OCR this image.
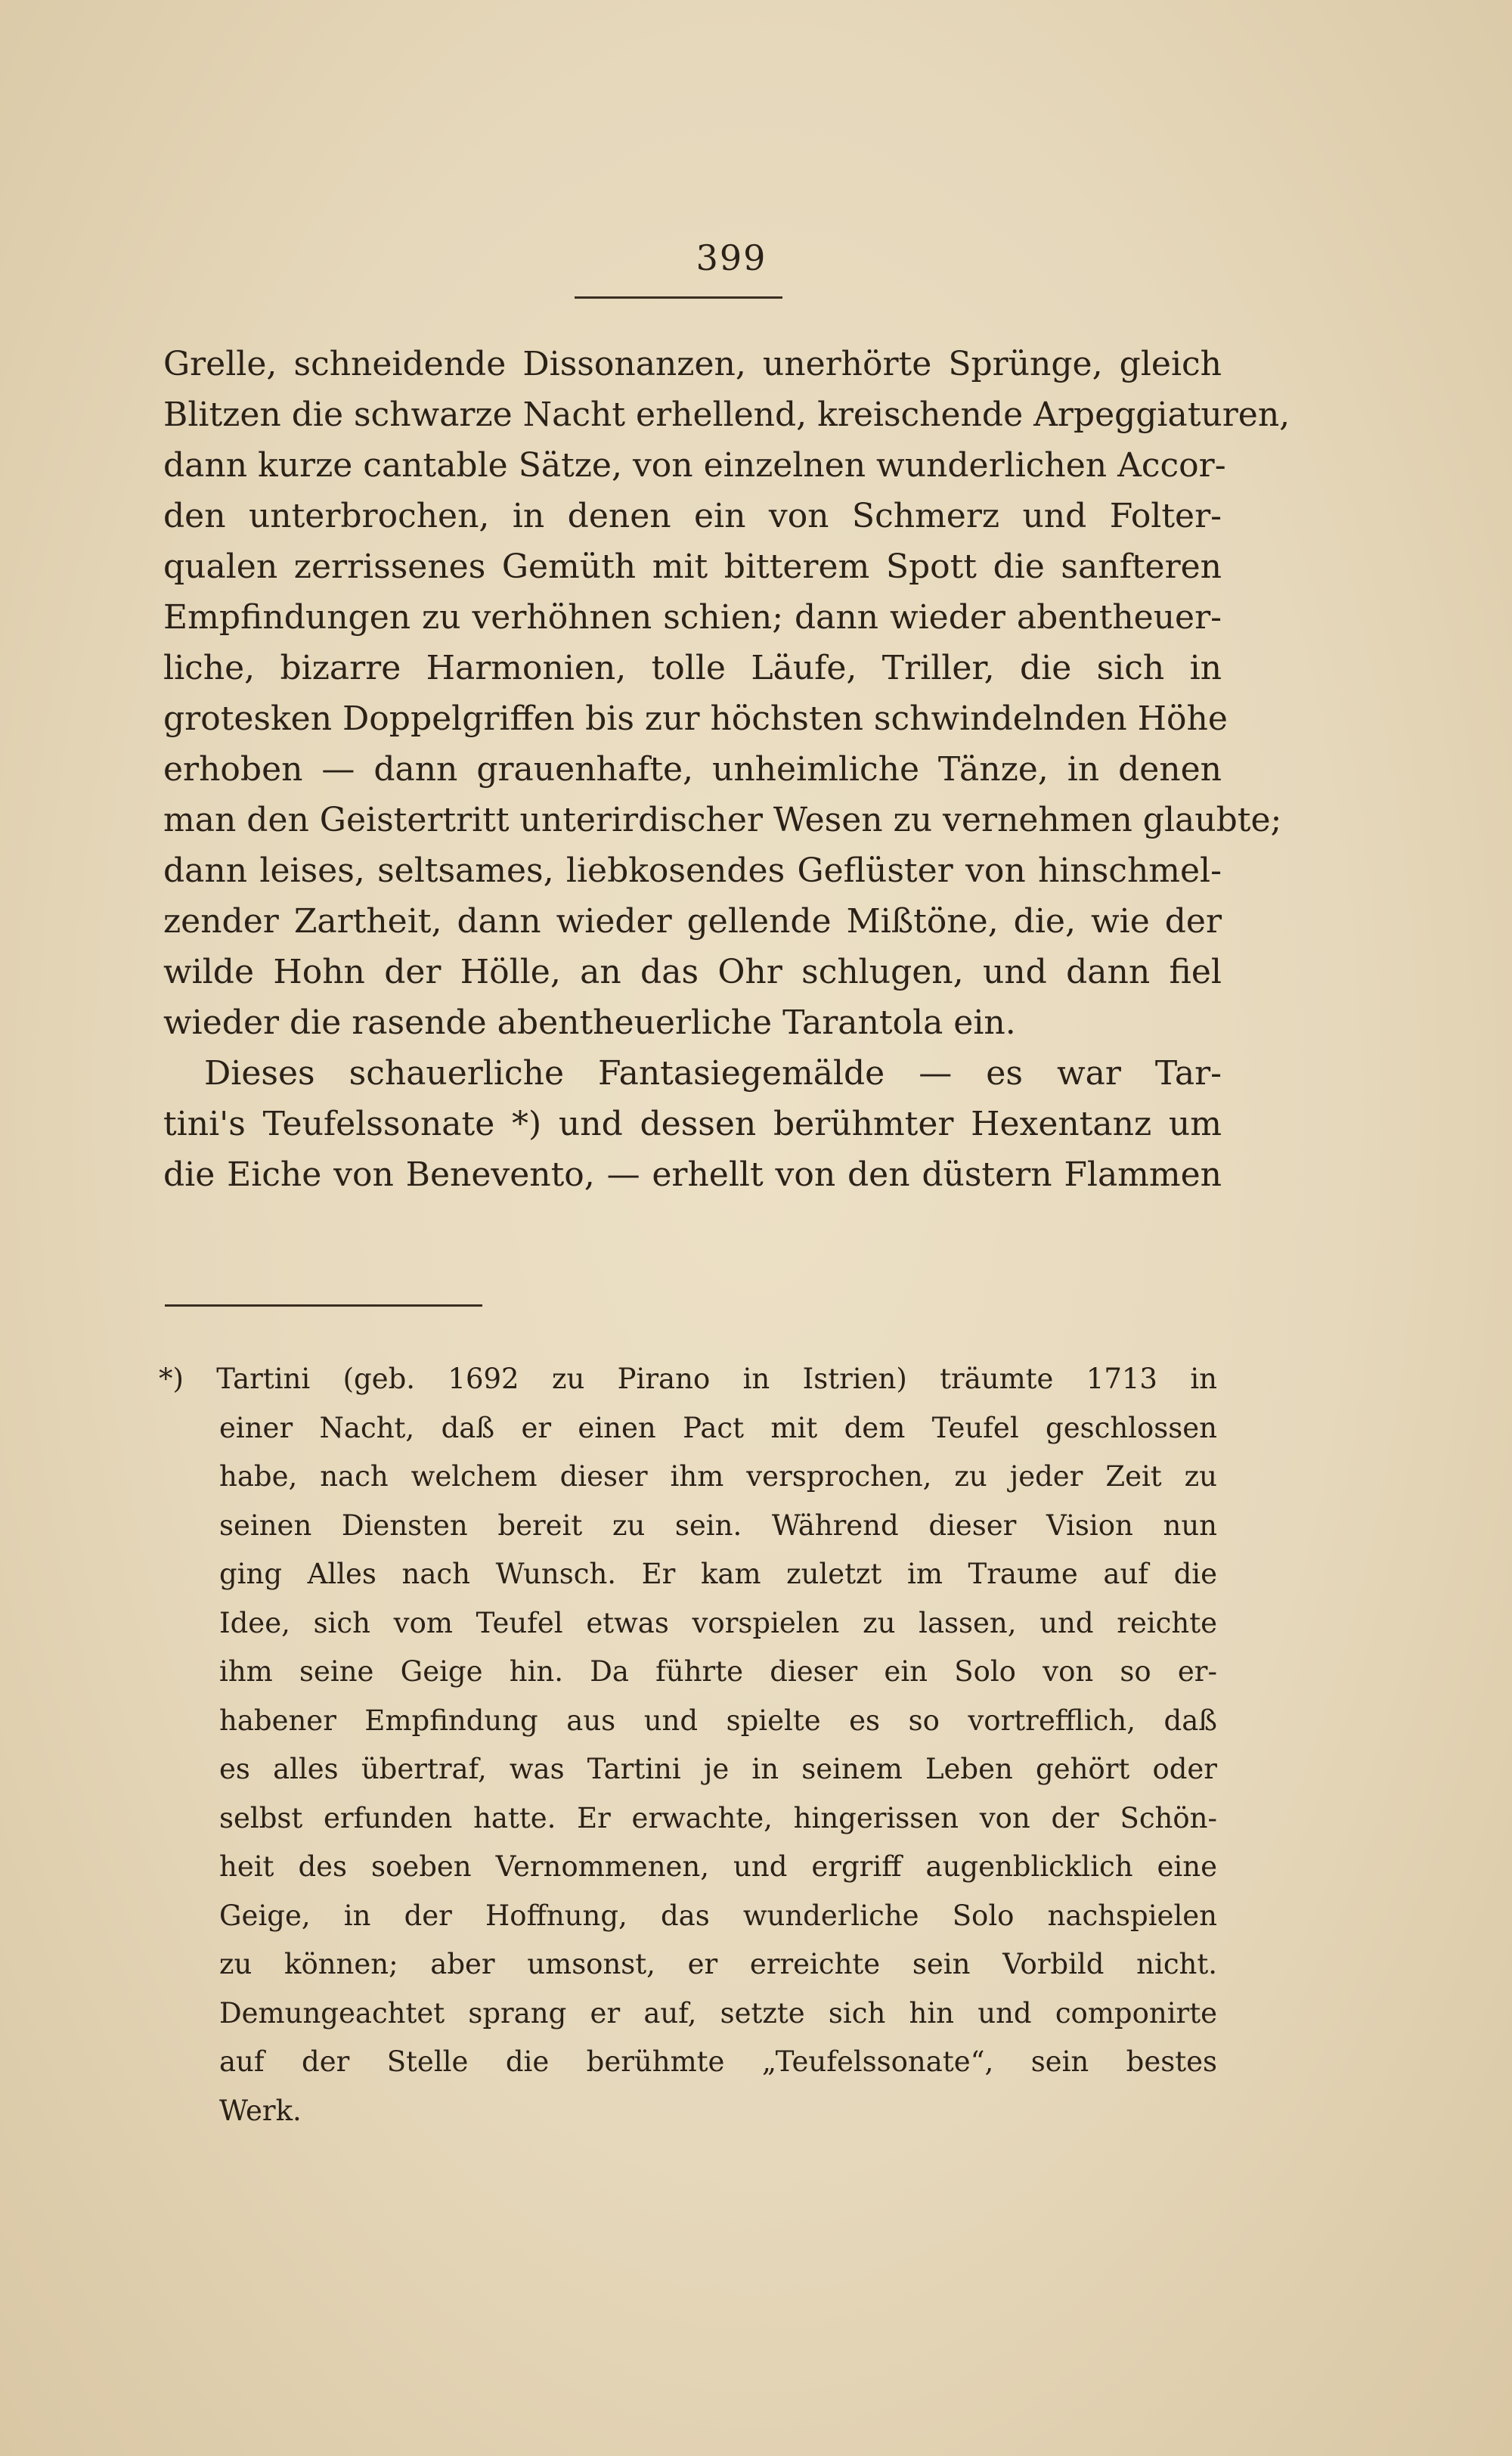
399
Grelle, schneidende Dissonanzen, unerhörte Sprünge, gleich
Blitzen die schwarze Nacht erhellend, kreischende Arpeggiaturen,
dann kurze cantable Sätze, von einzelnen wunderlichen Accor-
den unterbrochen, in denen ein von Schmerz und Folter-
qualen zerrissenes Gemüth mit bitterem Spott die sanfteren
Empfindungen zu verhöhnen schien; dann wieder abentheuer-
liche, bizarre Harmonien, tolle Läufe, Triller, die sich in
grotesken Doppelgriffen bis zur höchsten schwindelnden Höhe
erhoben — dann grauenhafte, unheimliche Tänze, in denen
man den Geistertritt unterirdischer Wesen zu vernehmen glaubte;
dann leises, seltsames, liebkosendes Geflüster von hinschmel-
zender Zartheit, dann wieder gellende Mißtöne, die, wie der
wilde Hohn der Hölle, an das Ohr schlugen, und dann fiel
wieder die rasende abentheuerliche Tarantola ein.
Dieses schauerliche Fantasiegemälde — es war Tar-
tini's Teufelssonate *) und dessen berühmter Hexentanz um
die Eiche von Benevento, — erhellt von den düstern Flammen
*) Tartini (geb. 1692 zu Pirano in Istrien) träumte 1713 in
einer Nacht, daß er einen Pact mit dem Teufel geschlossen
habe, nach welchem dieser ihm versprochen, zu jeder Zeit zu
seinen Diensten bereit zu sein. Während dieser Vision nun
ging Alles nach Wunsch. Er kam zuletzt im Traume auf die
Idee, sich vom Teufel etwas vorspielen zu lassen, und reichte
ihm seine Geige hin. Da führte dieser ein Solo von so er-
habener Empfindung aus und spielte es so vortrefflich, daß
es alles übertraf, was Tartini je in seinem Leben gehört oder
selbst erfunden hatte. Er erwachte, hingerissen von der Schön-
heit des soeben Vernommenen, und ergriff augenblicklich eine
Geige, in der Hoffnung, das wunderliche Solo nachspielen
zu können; aber umsonst, er erreichte sein Vorbild nicht.
Demungeachtet sprang er auf, setzte sich hin und componirte
auf der Stelle die berühmte „Teufelssonate“, sein bestes
Werk.
